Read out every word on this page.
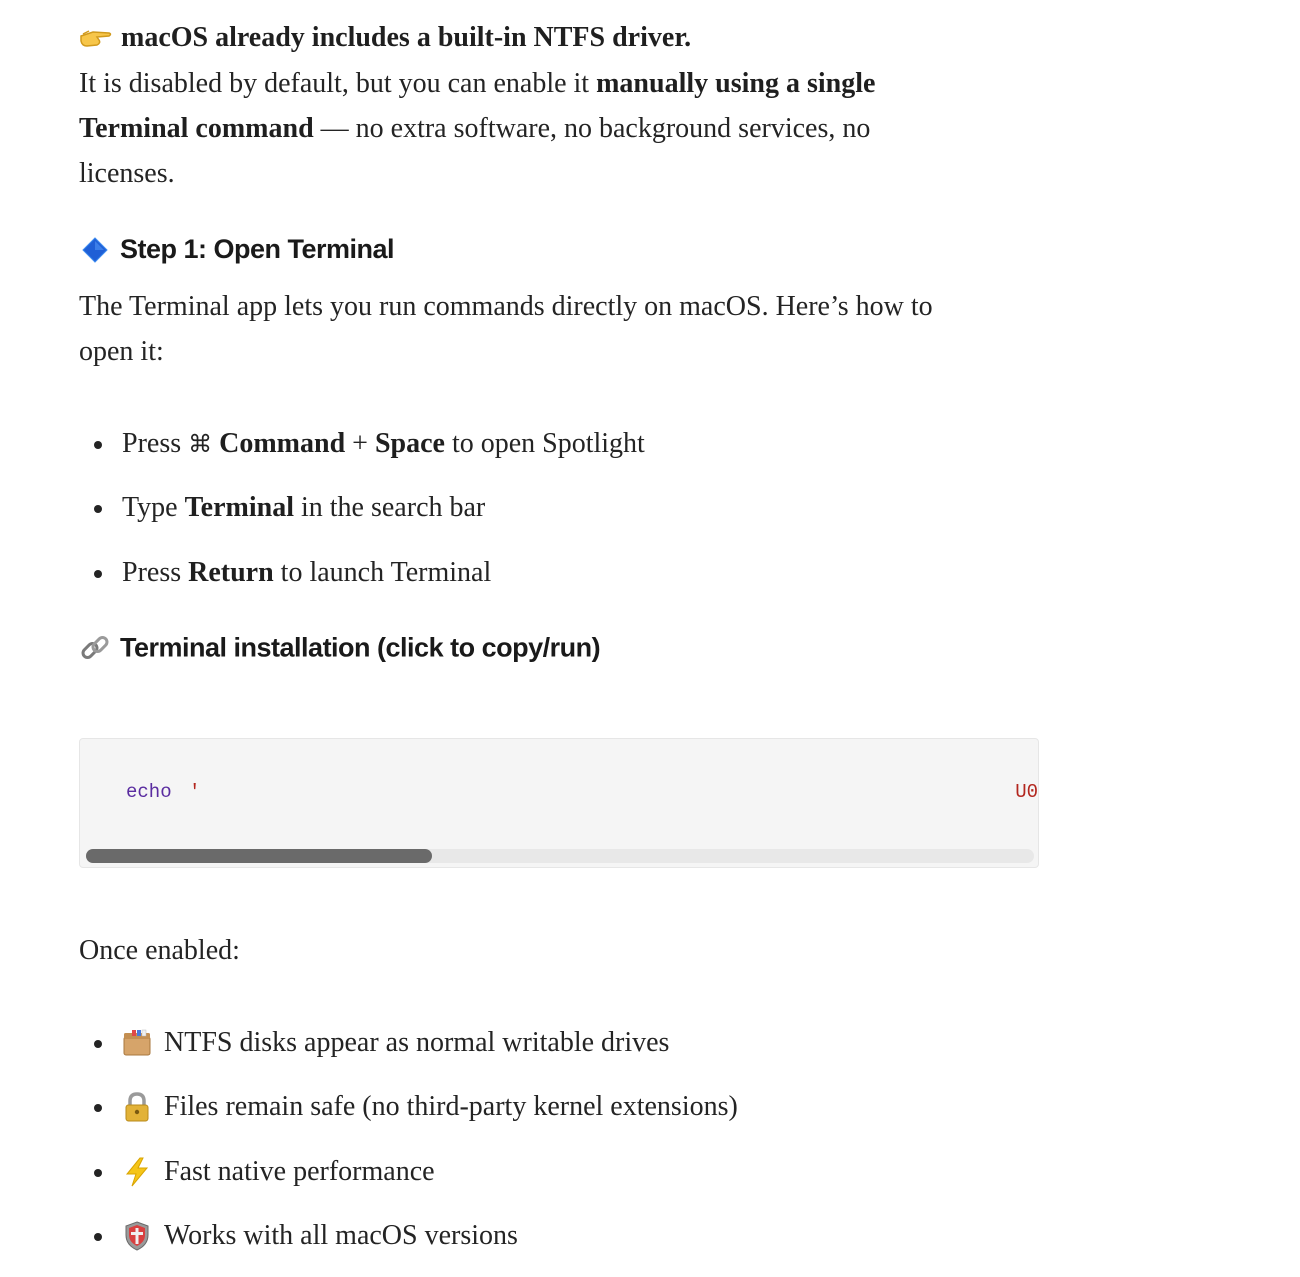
macOS already includes a built-in NTFS driver.
It is disabled by default, but you can enable it manually using a single
Terminal command — no extra software, no background services, no
licenses.
Step 1: Open Terminal
The Terminal app lets you run commands directly on macOS. Here’s how to
open it:
Press ⌘ Command + Space to open Spotlight
Type Terminal in the search bar
Press Return to launch Terminal
Terminal installation (click to copy/run)
echo '	U0
Once enabled:
NTFS disks appear as normal writable drives
Files remain safe (no third-party kernel extensions)
Fast native performance
Works with all macOS versions
